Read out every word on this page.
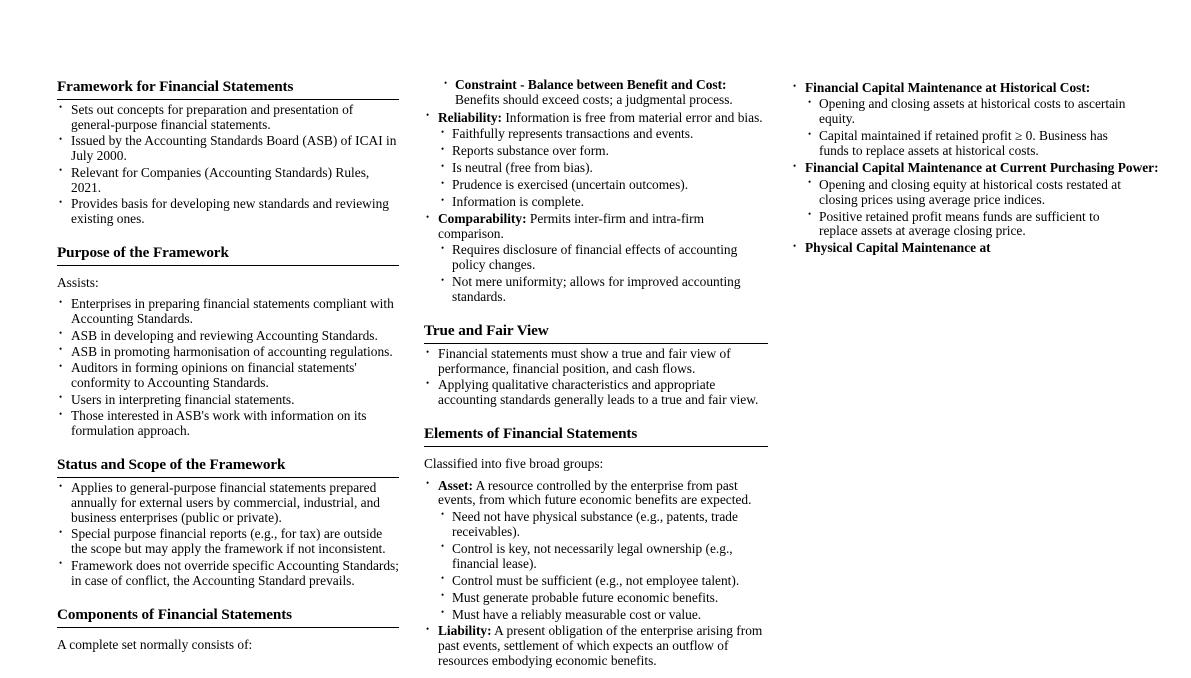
Framework for Financial Statements
• Sets out concepts for preparation and presentation of general-purpose financial statements.
• Issued by the Accounting Standards Board (ASB) of ICAI in July 2000.
• Relevant for Companies (Accounting Standards) Rules, 2021.
• Provides basis for developing new standards and reviewing existing ones.
Purpose of the Framework

Assists:

• Enterprises in preparing financial statements compliant with Accounting Standards.
• ASB in developing and reviewing Accounting Standards.
• ASB in promoting harmonisation of accounting regulations.
• Auditors in forming opinions on financial statements' conformity to Accounting Standards.
• Users in interpreting financial statements.
• Those interested in ASB's work with information on its formulation approach.
Status and Scope of the Framework
• Applies to general-purpose financial statements prepared annually for external users by commercial, industrial, and business enterprises (public or private).
• Special purpose financial reports (e.g., for tax) are outside the scope but may apply the framework if not inconsistent.
• Framework does not override specific Accounting Standards; in case of conflict, the Accounting Standard prevails.
Components of Financial Statements

A complete set normally consists of:

• Constraint - Balance between Benefit and Cost: Benefits should exceed costs; a judgmental process.
• Reliability: Information is free from material error and bias.
• Faithfully represents transactions and events.
• Reports substance over form.
• Is neutral (free from bias).
• Prudence is exercised (uncertain outcomes).
• Information is complete.
• Comparability: Permits inter-firm and intra-firm comparison.
• Requires disclosure of financial effects of accounting policy changes.
• Not mere uniformity; allows for improved accounting standards.
True and Fair View
• Financial statements must show a true and fair view of performance, financial position, and cash flows.
• Applying qualitative characteristics and appropriate accounting standards generally leads to a true and fair view.
Elements of Financial Statements

Classified into five broad groups:

• Asset: A resource controlled by the enterprise from past events, from which future economic benefits are expected.
• Need not have physical substance (e.g., patents, trade receivables).
• Control is key, not necessarily legal ownership (e.g., financial lease).
• Control must be sufficient (e.g., not employee talent).
• Must generate probable future economic benefits.
• Must have a reliably measurable cost or value.
• Liability: A present obligation of the enterprise arising from past events, settlement of which expects an outflow of resources embodying economic benefits.
• Financial Capital Maintenance at Historical Cost:
• Opening and closing assets at historical costs to ascertain equity.
• Capital maintained if retained profit ≥ 0. Business has funds to replace assets at historical costs.
• Financial Capital Maintenance at Current Purchasing Power:
• Opening and closing equity at historical costs restated at closing prices using average price indices.
• Positive retained profit means funds are sufficient to replace assets at average closing price.
• Physical Capital Maintenance at
